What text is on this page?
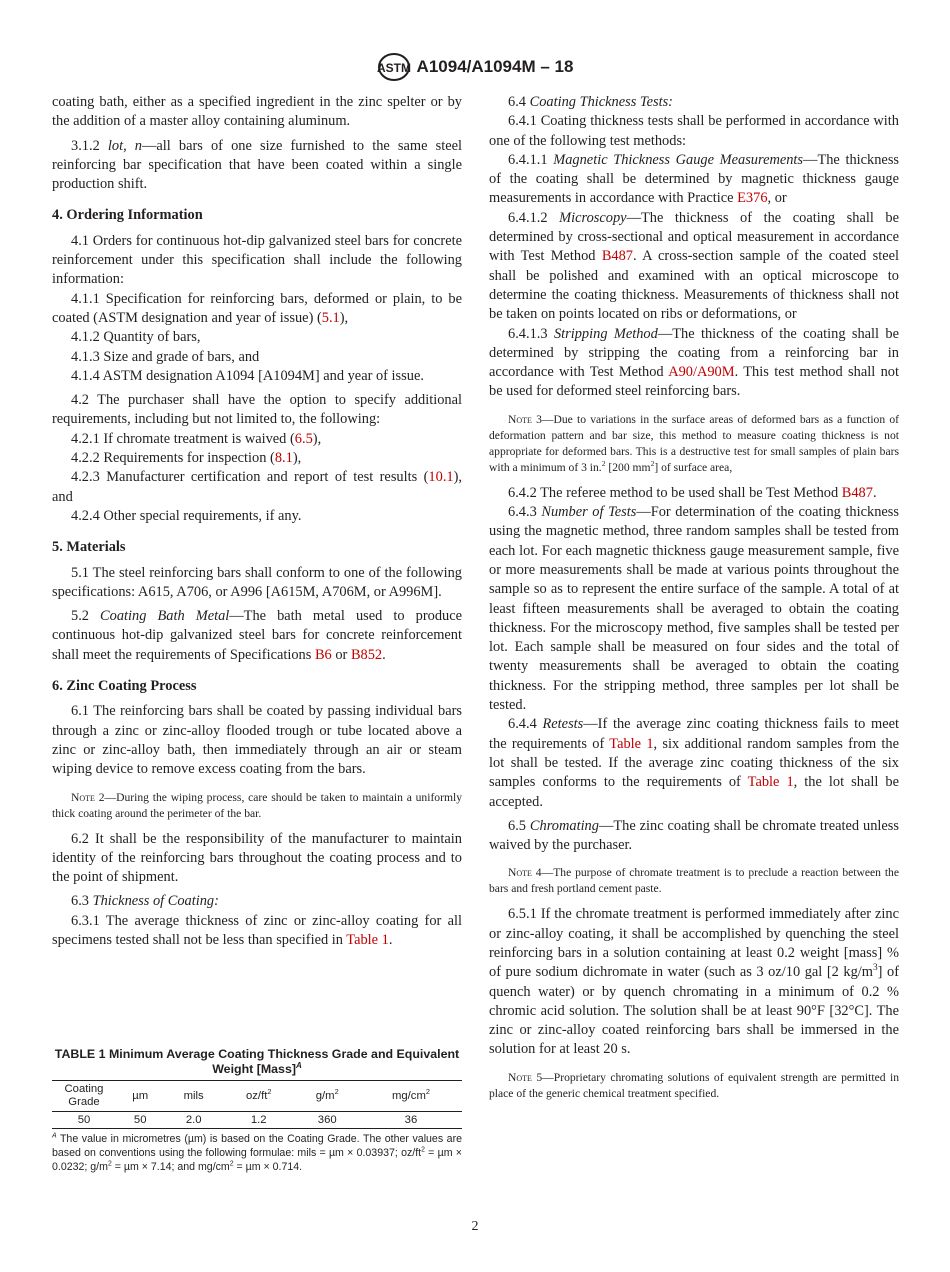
ASTM A1094/A1094M – 18

coating bath, either as a specified ingredient in the zinc spelter or by the addition of a master alloy containing aluminum.

3.1.2 lot, n—all bars of one size furnished to the same steel reinforcing bar specification that have been coated within a single production shift.

4. Ordering Information

4.1 Orders for continuous hot-dip galvanized steel bars for concrete reinforcement under this specification shall include the following information:

4.1.1 Specification for reinforcing bars, deformed or plain, to be coated (ASTM designation and year of issue) (5.1),

4.1.2 Quantity of bars,

4.1.3 Size and grade of bars, and

4.1.4 ASTM designation A1094 [A1094M] and year of issue.

4.2 The purchaser shall have the option to specify additional requirements, including but not limited to, the following:

4.2.1 If chromate treatment is waived (6.5),

4.2.2 Requirements for inspection (8.1),

4.2.3 Manufacturer certification and report of test results (10.1), and

4.2.4 Other special requirements, if any.

5. Materials

5.1 The steel reinforcing bars shall conform to one of the following specifications: A615, A706, or A996 [A615M, A706M, or A996M].

5.2 Coating Bath Metal—The bath metal used to produce continuous hot-dip galvanized steel bars for concrete reinforcement shall meet the requirements of Specifications B6 or B852.

6. Zinc Coating Process

6.1 The reinforcing bars shall be coated by passing individual bars through a zinc or zinc-alloy flooded trough or tube located above a zinc or zinc-alloy bath, then immediately through an air or steam wiping device to remove excess coating from the bars.

Note 2—During the wiping process, care should be taken to maintain a uniformly thick coating around the perimeter of the bar.

6.2 It shall be the responsibility of the manufacturer to maintain identity of the reinforcing bars throughout the coating process and to the point of shipment.

6.3 Thickness of Coating:

6.3.1 The average thickness of zinc or zinc-alloy coating for all specimens tested shall not be less than specified in Table 1.

6.4 Coating Thickness Tests:

6.4.1 Coating thickness tests shall be performed in accordance with one of the following test methods:

6.4.1.1 Magnetic Thickness Gauge Measurements—The thickness of the coating shall be determined by magnetic thickness gauge measurements in accordance with Practice E376, or

6.4.1.2 Microscopy—The thickness of the coating shall be determined by cross-sectional and optical measurement in accordance with Test Method B487. A cross-section sample of the coated steel shall be polished and examined with an optical microscope to determine the coating thickness. Measurements of thickness shall not be taken on points located on ribs or deformations, or

6.4.1.3 Stripping Method—The thickness of the coating shall be determined by stripping the coating from a reinforcing bar in accordance with Test Method A90/A90M. This test method shall not be used for deformed steel reinforcing bars.

Note 3—Due to variations in the surface areas of deformed bars as a function of deformation pattern and bar size, this method to measure coating thickness is not appropriate for deformed bars. This is a destructive test for small samples of plain bars with a minimum of 3 in.$^2$ [200 $mm^2$] of surface area,

6.4.2 The referee method to be used shall be Test Method B487.

6.4.3 Number of Tests—For determination of the coating thickness using the magnetic method, three random samples shall be tested from each lot. For each magnetic thickness gauge measurement sample, five or more measurements shall be made at various points throughout the sample so as to represent the entire surface of the sample. A total of at least fifteen measurements shall be averaged to obtain the coating thickness. For the microscopy method, five samples shall be tested per lot. Each sample shall be measured on four sides and the total of twenty measurements shall be averaged to obtain the coating thickness. For the stripping method, three samples per lot shall be tested.

6.4.4 Retests—If the average zinc coating thickness fails to meet the requirements of Table 1, six additional random samples from the lot shall be tested. If the average zinc coating thickness of the six samples conforms to the requirements of Table 1, the lot shall be accepted.

6.5 Chromating—The zinc coating shall be chromate treated unless waived by the purchaser.

Note 4—The purpose of chromate treatment is to preclude a reaction between the bars and fresh portland cement paste.

6.5.1 If the chromate treatment is performed immediately after zinc or zinc-alloy coating, it shall be accomplished by quenching the steel reinforcing bars in a solution containing at least 0.2 weight [mass] % of pure sodium dichromate in water (such as 3 oz/10 gal [2 $kg/m^3$] of quench water) or by quench chromating in a minimum of 0.2 % chromic acid solution. The solution shall be at least 90°F [32°C]. The zinc or zinc-alloy coated reinforcing bars shall be immersed in the solution for at least 20 s.

Note 5—Proprietary chromating solutions of equivalent strength are permitted in place of the generic chemical treatment specified.

TABLE 1 Minimum Average Coating Thickness Grade and Equivalent Weight [Mass]$^A$
Coating Grade	µm	mils	$oz/ft^2$	$g/m^2$	$mg/cm^2$
50	50	2.0	1.2	360	36
$^A$ The value in micrometres (µm) is based on the Coating Grade. The other values are based on conventions using the following formulae: mils = µm × 0.03937; $oz/ft^2 = \mu m \times 0.0232$; $g/m^2 = \mu m \times 7.14$; and $mg/cm^2 = \mu m \times 0.714$.
2
